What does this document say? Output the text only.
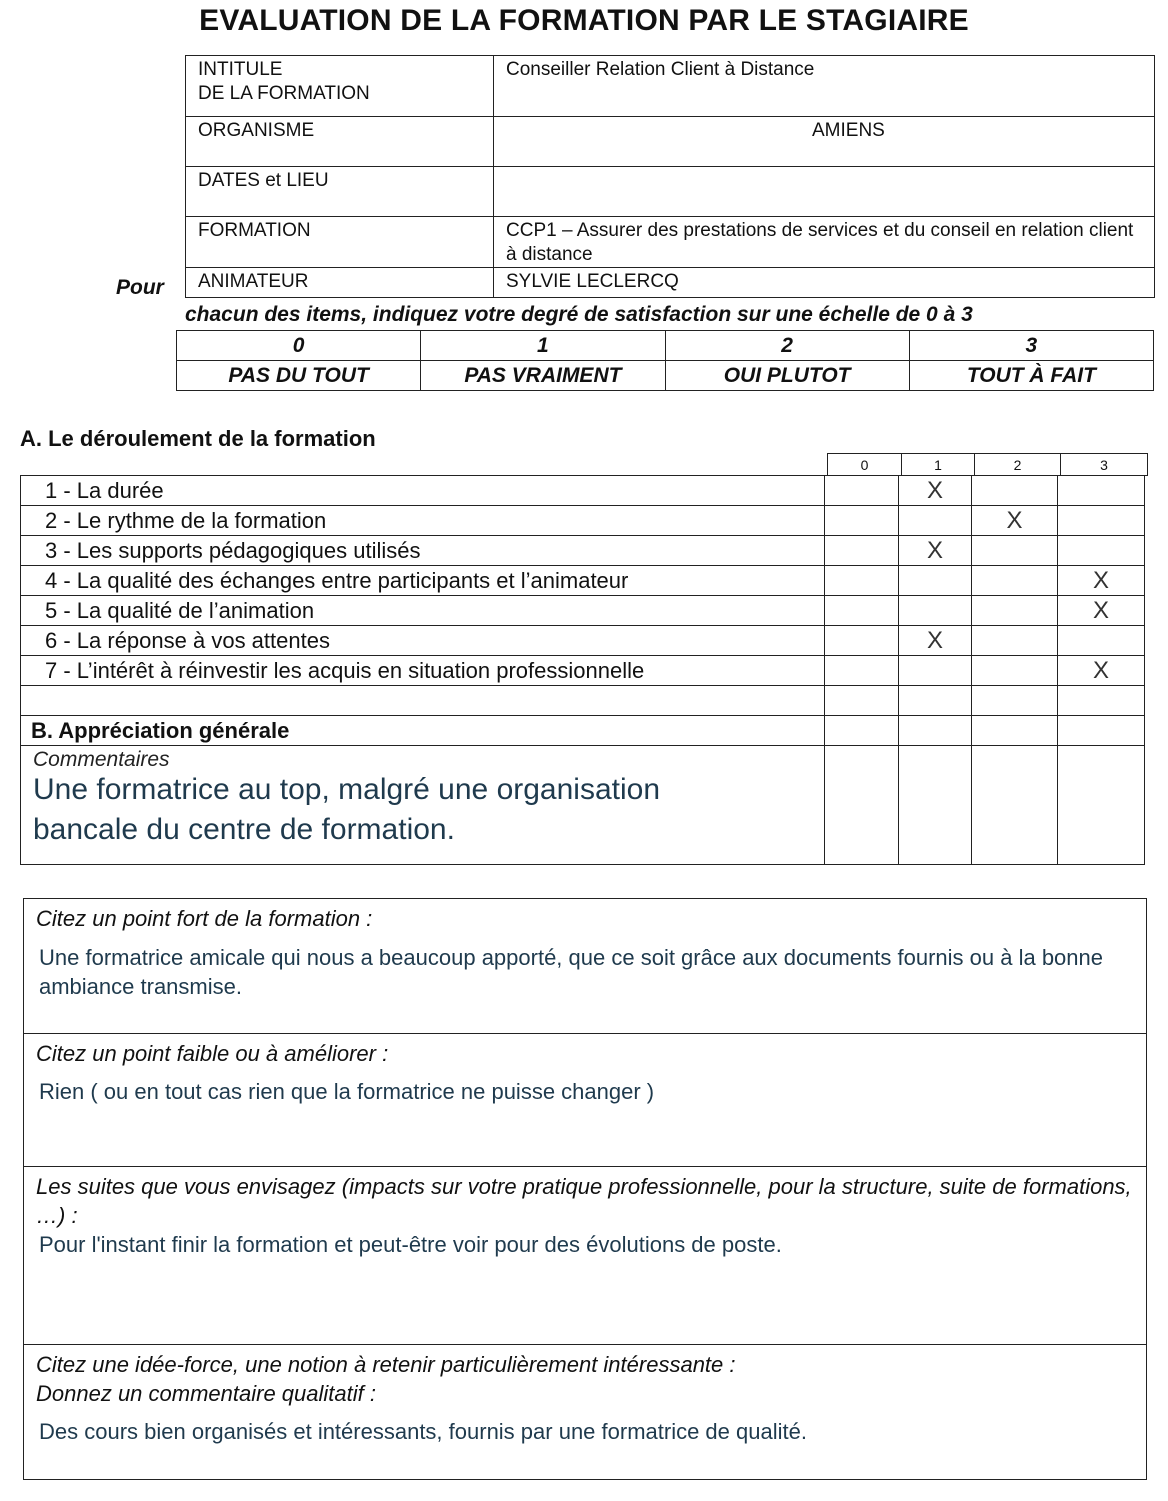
EVALUATION DE LA FORMATION PAR LE STAGIAIRE
INTITULE
DE LA FORMATION	Conseiller Relation Client à Distance
ORGANISME	AMIENS
DATES et LIEU	
FORMATION	CCP1 – Assurer des prestations de services et du conseil en relation client à distance
ANIMATEUR	SYLVIE LECLERCQ
Pour
chacun des items, indiquez votre degré de satisfaction sur une échelle de 0 à 3
0	1	2	3
PAS DU TOUT	PAS VRAIMENT	OUI PLUTOT	TOUT À FAIT
A. Le déroulement de la formation
0	1	2	3
1 - La durée		X		
2 - Le rythme de la formation			X	
3 - Les supports pédagogiques utilisés		X		
4 - La qualité des échanges entre participants et l’animateur				X
5 - La qualité de l’animation				X
6 - La réponse à vos attentes		X		
7 - L’intérêt à réinvestir les acquis en situation professionnelle				X

B. Appréciation générale				

Commentaires
Une formatrice au top, malgré une organisation bancale du centre de formation.				

Citez un point fort de la formation :
Une formatrice amicale qui nous a beaucoup apporté, que ce soit grâce aux documents fournis ou à la bonne ambiance transmise.
Citez un point faible ou à améliorer :
Rien ( ou en tout cas rien que la formatrice ne puisse changer )
Les suites que vous envisagez (impacts sur votre pratique professionnelle, pour la structure, suite de formations, …) :
Pour l'instant finir la formation et peut-être voir pour des évolutions de poste.
Citez une idée-force, une notion à retenir particulièrement intéressante :
Donnez un commentaire qualitatif :
Des cours bien organisés et intéressants, fournis par une formatrice de qualité.
